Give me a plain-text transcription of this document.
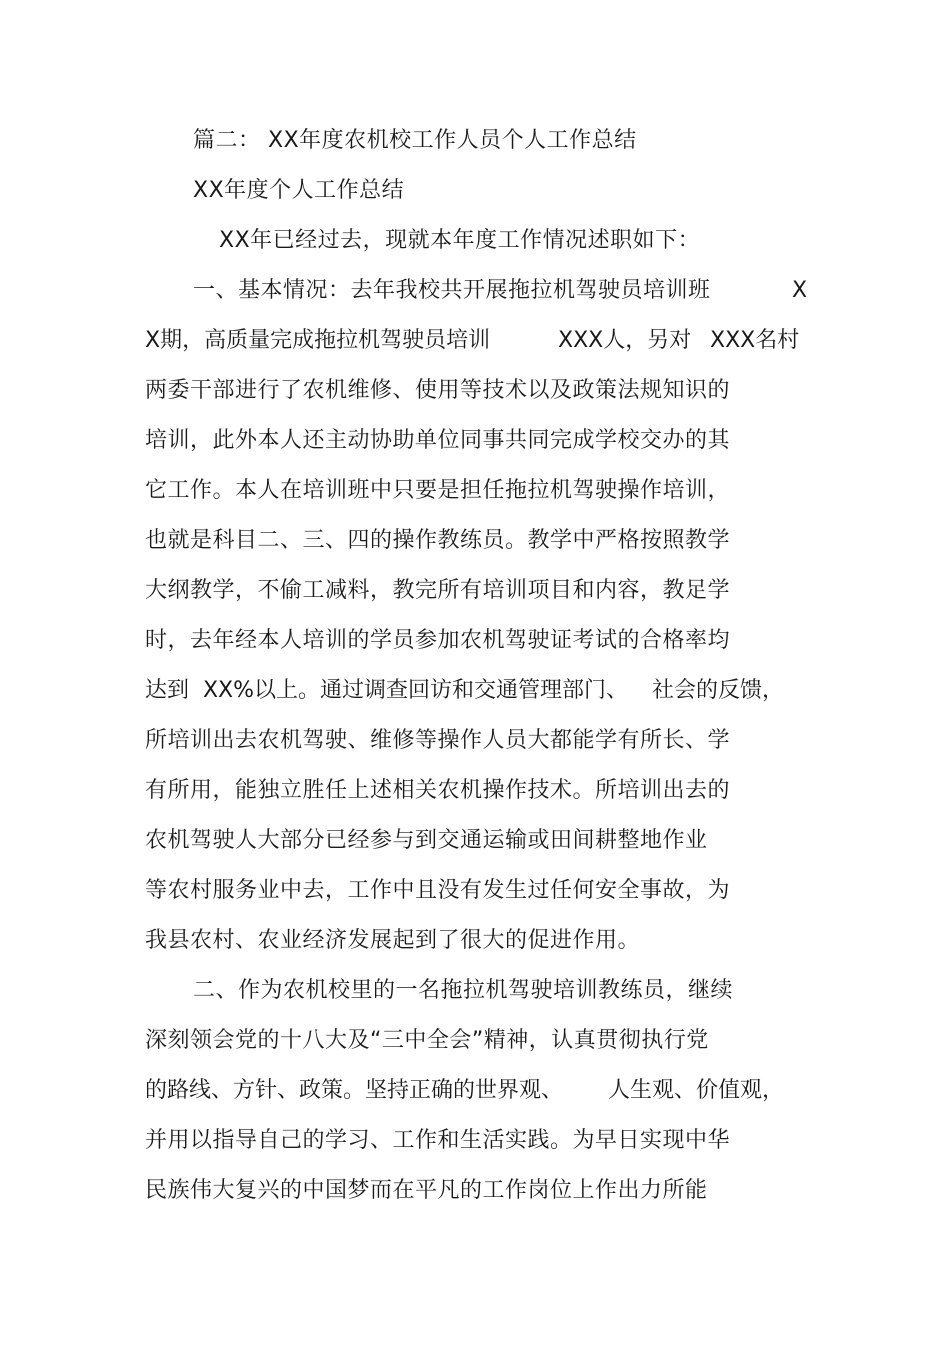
篇二： XX年度农机校工作人员个人工作总结
XX年度个人工作总结
XX年已经过去，现就本年度工作情况述职如下：
一、基本情况：去年我校共开展拖拉机驾驶员培训班	X
X期，高质量完成拖拉机驾驶员培训	XXX人，另对 XXX名村
两委干部进行了农机维修、使用等技术以及政策法规知识的
培训，此外本人还主动协助单位同事共同完成学校交办的其
它工作。本人在培训班中只要是担任拖拉机驾驶操作培训，
也就是科目二、三、四的操作教练员。教学中严格按照教学
大纲教学，不偷工减料，教完所有培训项目和内容，教足学
时，去年经本人培训的学员参加农机驾驶证考试的合格率均
达到  XX%以上。通过调查回访和交通管理部门、 社会的反馈，
所培训出去农机驾驶、维修等操作人员大都能学有所长、学
有所用，能独立胜任上述相关农机操作技术。所培训出去的
农机驾驶人大部分已经参与到交通运输或田间耕整地作业
等农村服务业中去，工作中且没有发生过任何安全事故，为
我县农村、农业经济发展起到了很大的促进作用。
二、作为农机校里的一名拖拉机驾驶培训教练员，继续
深刻领会党的十八大及“三中全会”精神，认真贯彻执行党
的路线、方针、政策。坚持正确的世界观、 人生观、价值观，
并用以指导自己的学习、工作和生活实践。为早日实现中华
民族伟大复兴的中国梦而在平凡的工作岗位上作出力所能
